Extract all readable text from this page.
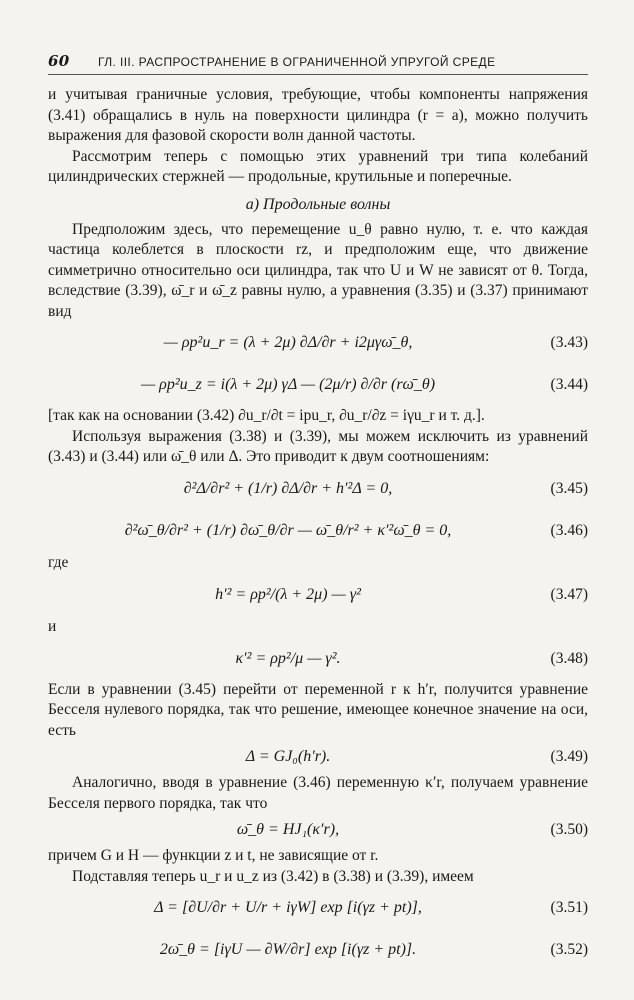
60	ГЛ. III. РАСПРОСТРАНЕНИЕ В ОГРАНИЧЕННОЙ УПРУГОЙ СРЕДЕ

и учитывая граничные условия, требующие, чтобы компоненты напряжения (3.41) обращались в нуль на поверхности цилиндра (r = a), можно получить выражения для фазовой скорости волн данной частоты.

Рассмотрим теперь с помощью этих уравнений три типа колебаний цилиндрических стержней — продольные, крутильные и поперечные.

а) Продольные волны

Предположим здесь, что перемещение u_θ равно нулю, т. е. что каждая частица колеблется в плоскости rz, и предположим еще, что движение симметрично относительно оси цилиндра, так что U и W не зависят от θ. Тогда, вследствие (3.39), ω̄_r и ω̄_z равны нулю, а уравнения (3.35) и (3.37) принимают вид

— ρp²u_r = (λ + 2μ) ∂Δ/∂r + i2μγω̄_θ,	(3.43)
— ρp²u_z = i(λ + 2μ) γΔ — (2μ/r) ∂/∂r (rω̄_θ)	(3.44)

[так как на основании (3.42) ∂u_r/∂t = ipu_r, ∂u_r/∂z = iγu_r и т. д.].

Используя выражения (3.38) и (3.39), мы можем исключить из уравнений (3.43) и (3.44) или ω̄_θ или Δ. Это приводит к двум соотношениям:

∂²Δ/∂r² + (1/r) ∂Δ/∂r + h′²Δ = 0,	(3.45)
∂²ω̄_θ/∂r² + (1/r) ∂ω̄_θ/∂r — ω̄_θ/r² + κ′²ω̄_θ = 0,	(3.46)
где
h′² = ρp²/(λ + 2μ) — γ²	(3.47)
и
κ′² = ρp²/μ — γ².	(3.48)

Если в уравнении (3.45) перейти от переменной r к h′r, получится уравнение Бесселя нулевого порядка, так что решение, имеющее конечное значение на оси, есть

Δ = GJ₀(h′r).	(3.49)

Аналогично, вводя в уравнение (3.46) переменную κ′r, получаем уравнение Бесселя первого порядка, так что

ω̄_θ = HJ₁(κ′r),	(3.50)

причем G и H — функции z и t, не зависящие от r.

Подставляя теперь u_r и u_z из (3.42) в (3.38) и (3.39), имеем

Δ = [∂U/∂r + U/r + iγW] exp [i(γz + pt)],	(3.51)
2ω̄_θ = [iγU — ∂W/∂r] exp [i(γz + pt)].	(3.52)
